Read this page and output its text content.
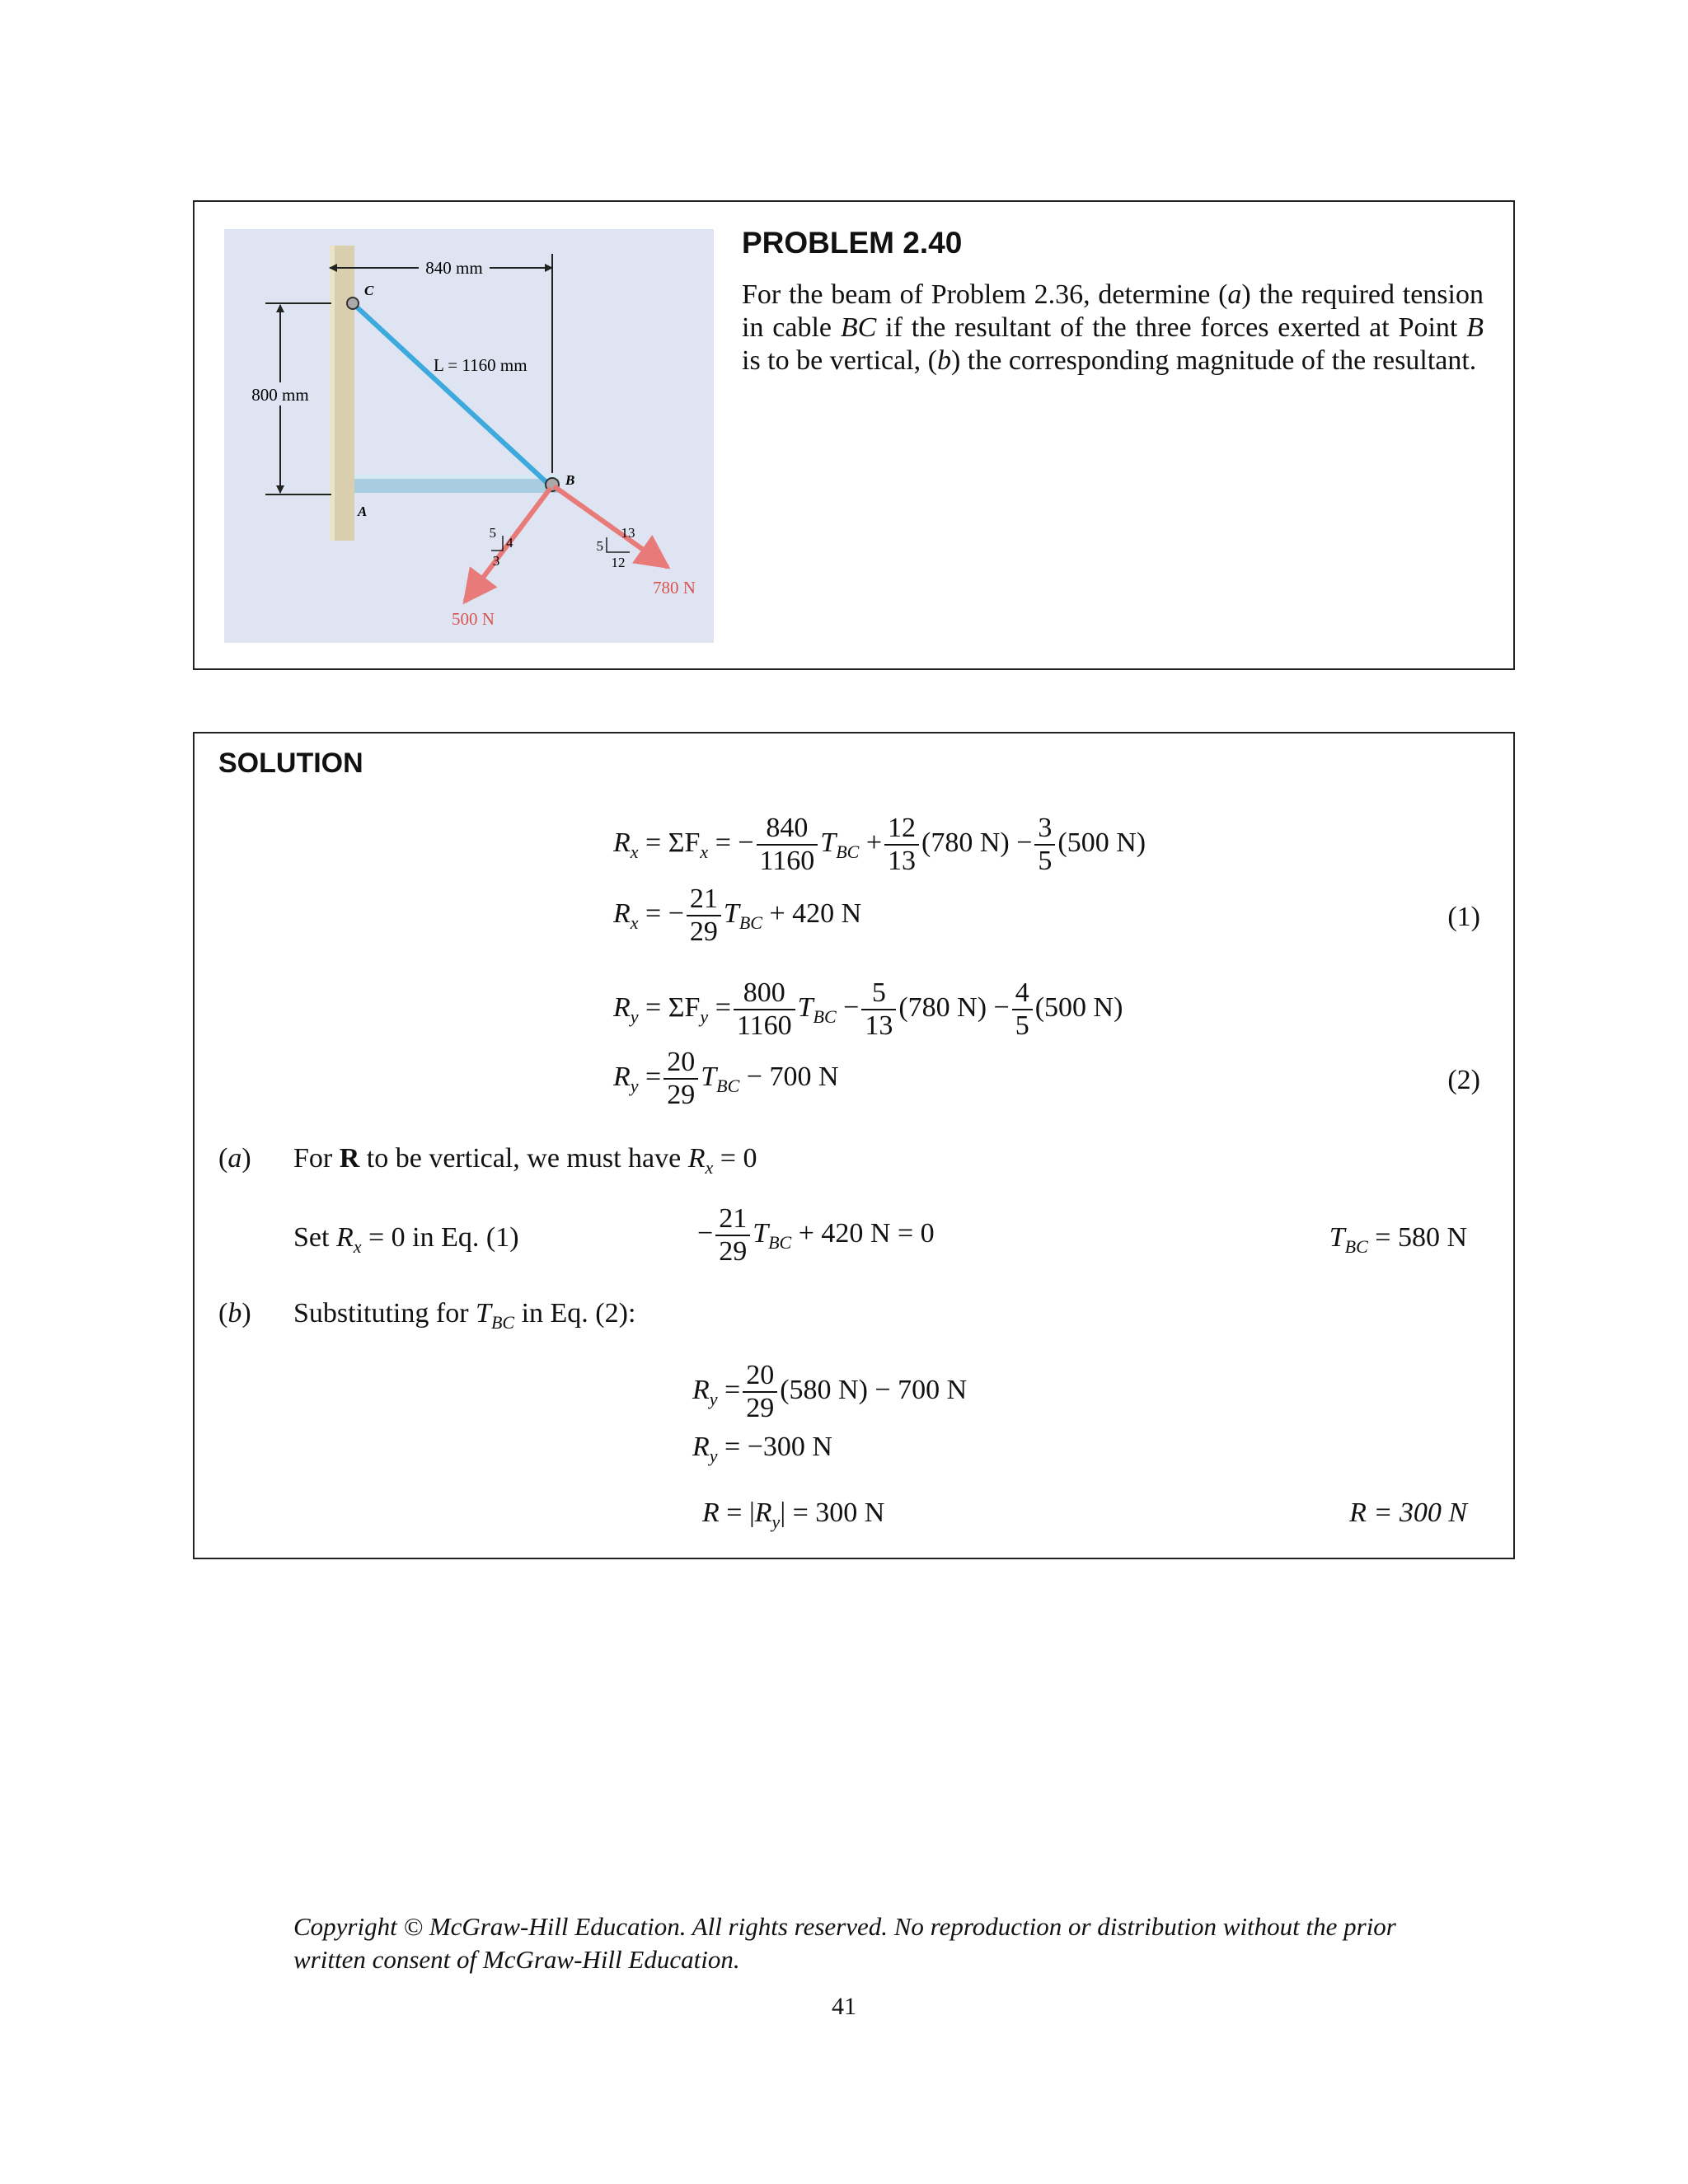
840 mm
800 mm
L = 1160 mm
C
B
A
500 N
780 N
5
4
3
13
5
12
PROBLEM 2.40
For the beam of Problem 2.36, determine (a) the required tension in cable BC if the resultant of the three forces exerted at Point B is to be vertical, (b) the corresponding magnitude of the resultant.
SOLUTION
$R_x = \Sigma F_x$ = − $\frac{840}{1160} T_{BC} + \frac{12}{13} (780$ $N) - \frac{3}{5} (500$ N)
$R_x$ = − $\frac{21}{29} T_{BC} + 420$ N	(1)
$R_y = \Sigma F_y = \frac{800}{1160} T_{BC} - \frac{5}{13} (780$ $N) - \frac{4}{5} (500$ N)
$R_y = \frac{20}{29} T_{BC} - 700$ N	(2)
(a) For R to be vertical, we must have $R_x = 0$
Set $R_x = 0$ in Eq. (1)	− $\frac{21}{29} T_{BC} + 420$ N = 0	$T_{BC} = 580$ N
(b) Substituting for $T_{BC}$ in Eq. (2):
$R_y = \frac{20}{29} (580$ N) − 700 N
$R_y = -300$ N
$R = |R_y| = 300$ N	R = 300 N
Copyright © McGraw-Hill Education. All rights reserved. No reproduction or distribution without the prior written consent of McGraw-Hill Education.
41
